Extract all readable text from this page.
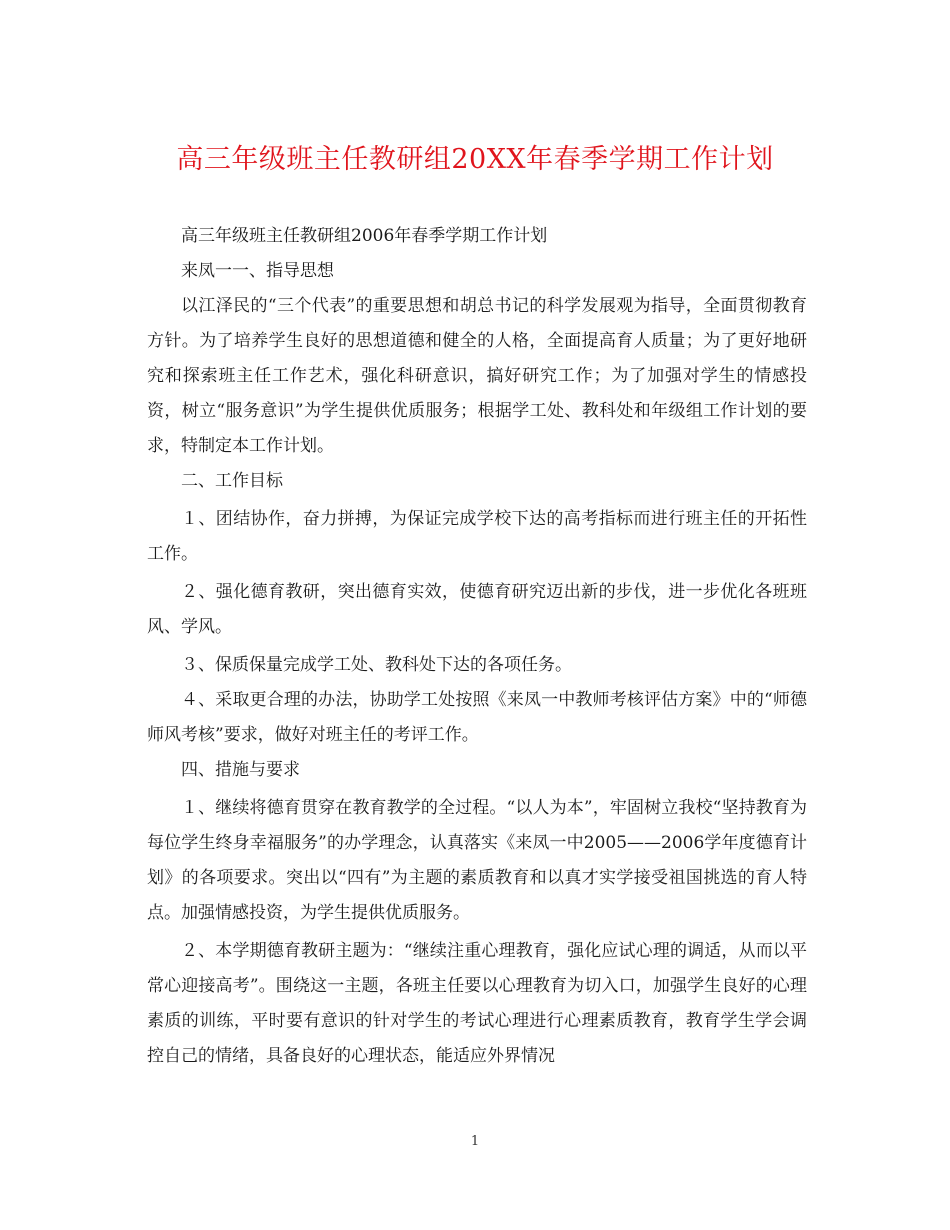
高三年级班主任教研组20XX年春季学期工作计划

高三年级班主任教研组2006年春季学期工作计划

来凤一一、指导思想

以江泽民的“三个代表”的重要思想和胡总书记的科学发展观为指导，全面贯彻教育方针。为了培养学生良好的思想道德和健全的人格，全面提高育人质量；为了更好地研究和探索班主任工作艺术，强化科研意识，搞好研究工作；为了加强对学生的情感投资，树立“服务意识”为学生提供优质服务；根据学工处、教科处和年级组工作计划的要求，特制定本工作计划。

二、工作目标

１、团结协作，奋力拼搏，为保证完成学校下达的高考指标而进行班主任的开拓性工作。

２、强化德育教研，突出德育实效，使德育研究迈出新的步伐，进一步优化各班班风、学风。

３、保质保量完成学工处、教科处下达的各项任务。

４、采取更合理的办法，协助学工处按照《来凤一中教师考核评估方案》中的“师德师风考核”要求，做好对班主任的考评工作。

四、措施与要求

１、继续将德育贯穿在教育教学的全过程。“以人为本”，牢固树立我校“坚持教育为每位学生终身幸福服务”的办学理念，认真落实《来凤一中2005——2006学年度德育计划》的各项要求。突出以“四有”为主题的素质教育和以真才实学接受祖国挑选的育人特点。加强情感投资，为学生提供优质服务。

２、本学期德育教研主题为：“继续注重心理教育，强化应试心理的调适，从而以平常心迎接高考”。围绕这一主题，各班主任要以心理教育为切入口，加强学生良好的心理素质的训练，平时要有意识的针对学生的考试心理进行心理素质教育，教育学生学会调控自己的情绪，具备良好的心理状态，能适应外界情况

1
